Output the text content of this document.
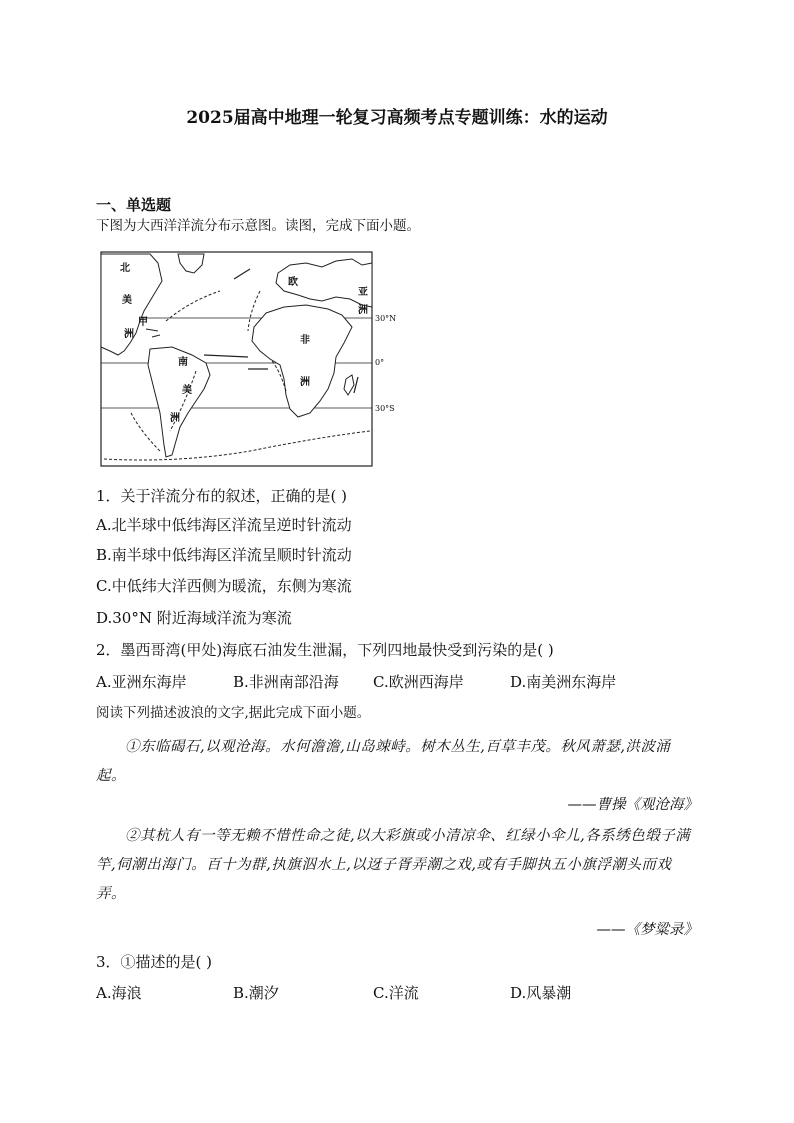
2025届高中地理一轮复习高频考点专题训练：水的运动
一、单选题
下图为大西洋洋流分布示意图。读图，完成下面小题。
北
美
洲
甲
欧
亚
洲
非
洲
南
美
洲
30°N
0°
30°S
1．关于洋流分布的叙述，正确的是( )
A.北半球中低纬海区洋流呈逆时针流动
B.南半球中低纬海区洋流呈顺时针流动
C.中低纬大洋西侧为暖流，东侧为寒流
D.30°N 附近海域洋流为寒流
2．墨西哥湾(甲处)海底石油发生泄漏，下列四地最快受到污染的是( )
A.亚洲东海岸	B.非洲南部沿海 C.欧洲西海岸	D.南美洲东海岸
阅读下列描述波浪的文字,据此完成下面小题。
①东临碣石,以观沧海。水何澹澹,山岛竦峙。树木丛生,百草丰茂。秋风萧瑟,洪波涌起。
——曹操《观沧海》
②其杭人有一等无赖不惜性命之徒,以大彩旗或小清凉伞、红绿小伞儿,各系绣色缎子满竿,伺潮出海门。百十为群,执旗泅水上,以迓子胥弄潮之戏,或有手脚执五小旗浮潮头而戏弄。
——《梦粱录》
3．①描述的是( )
A.海浪	B.潮汐	C.洋流	D.风暴潮
